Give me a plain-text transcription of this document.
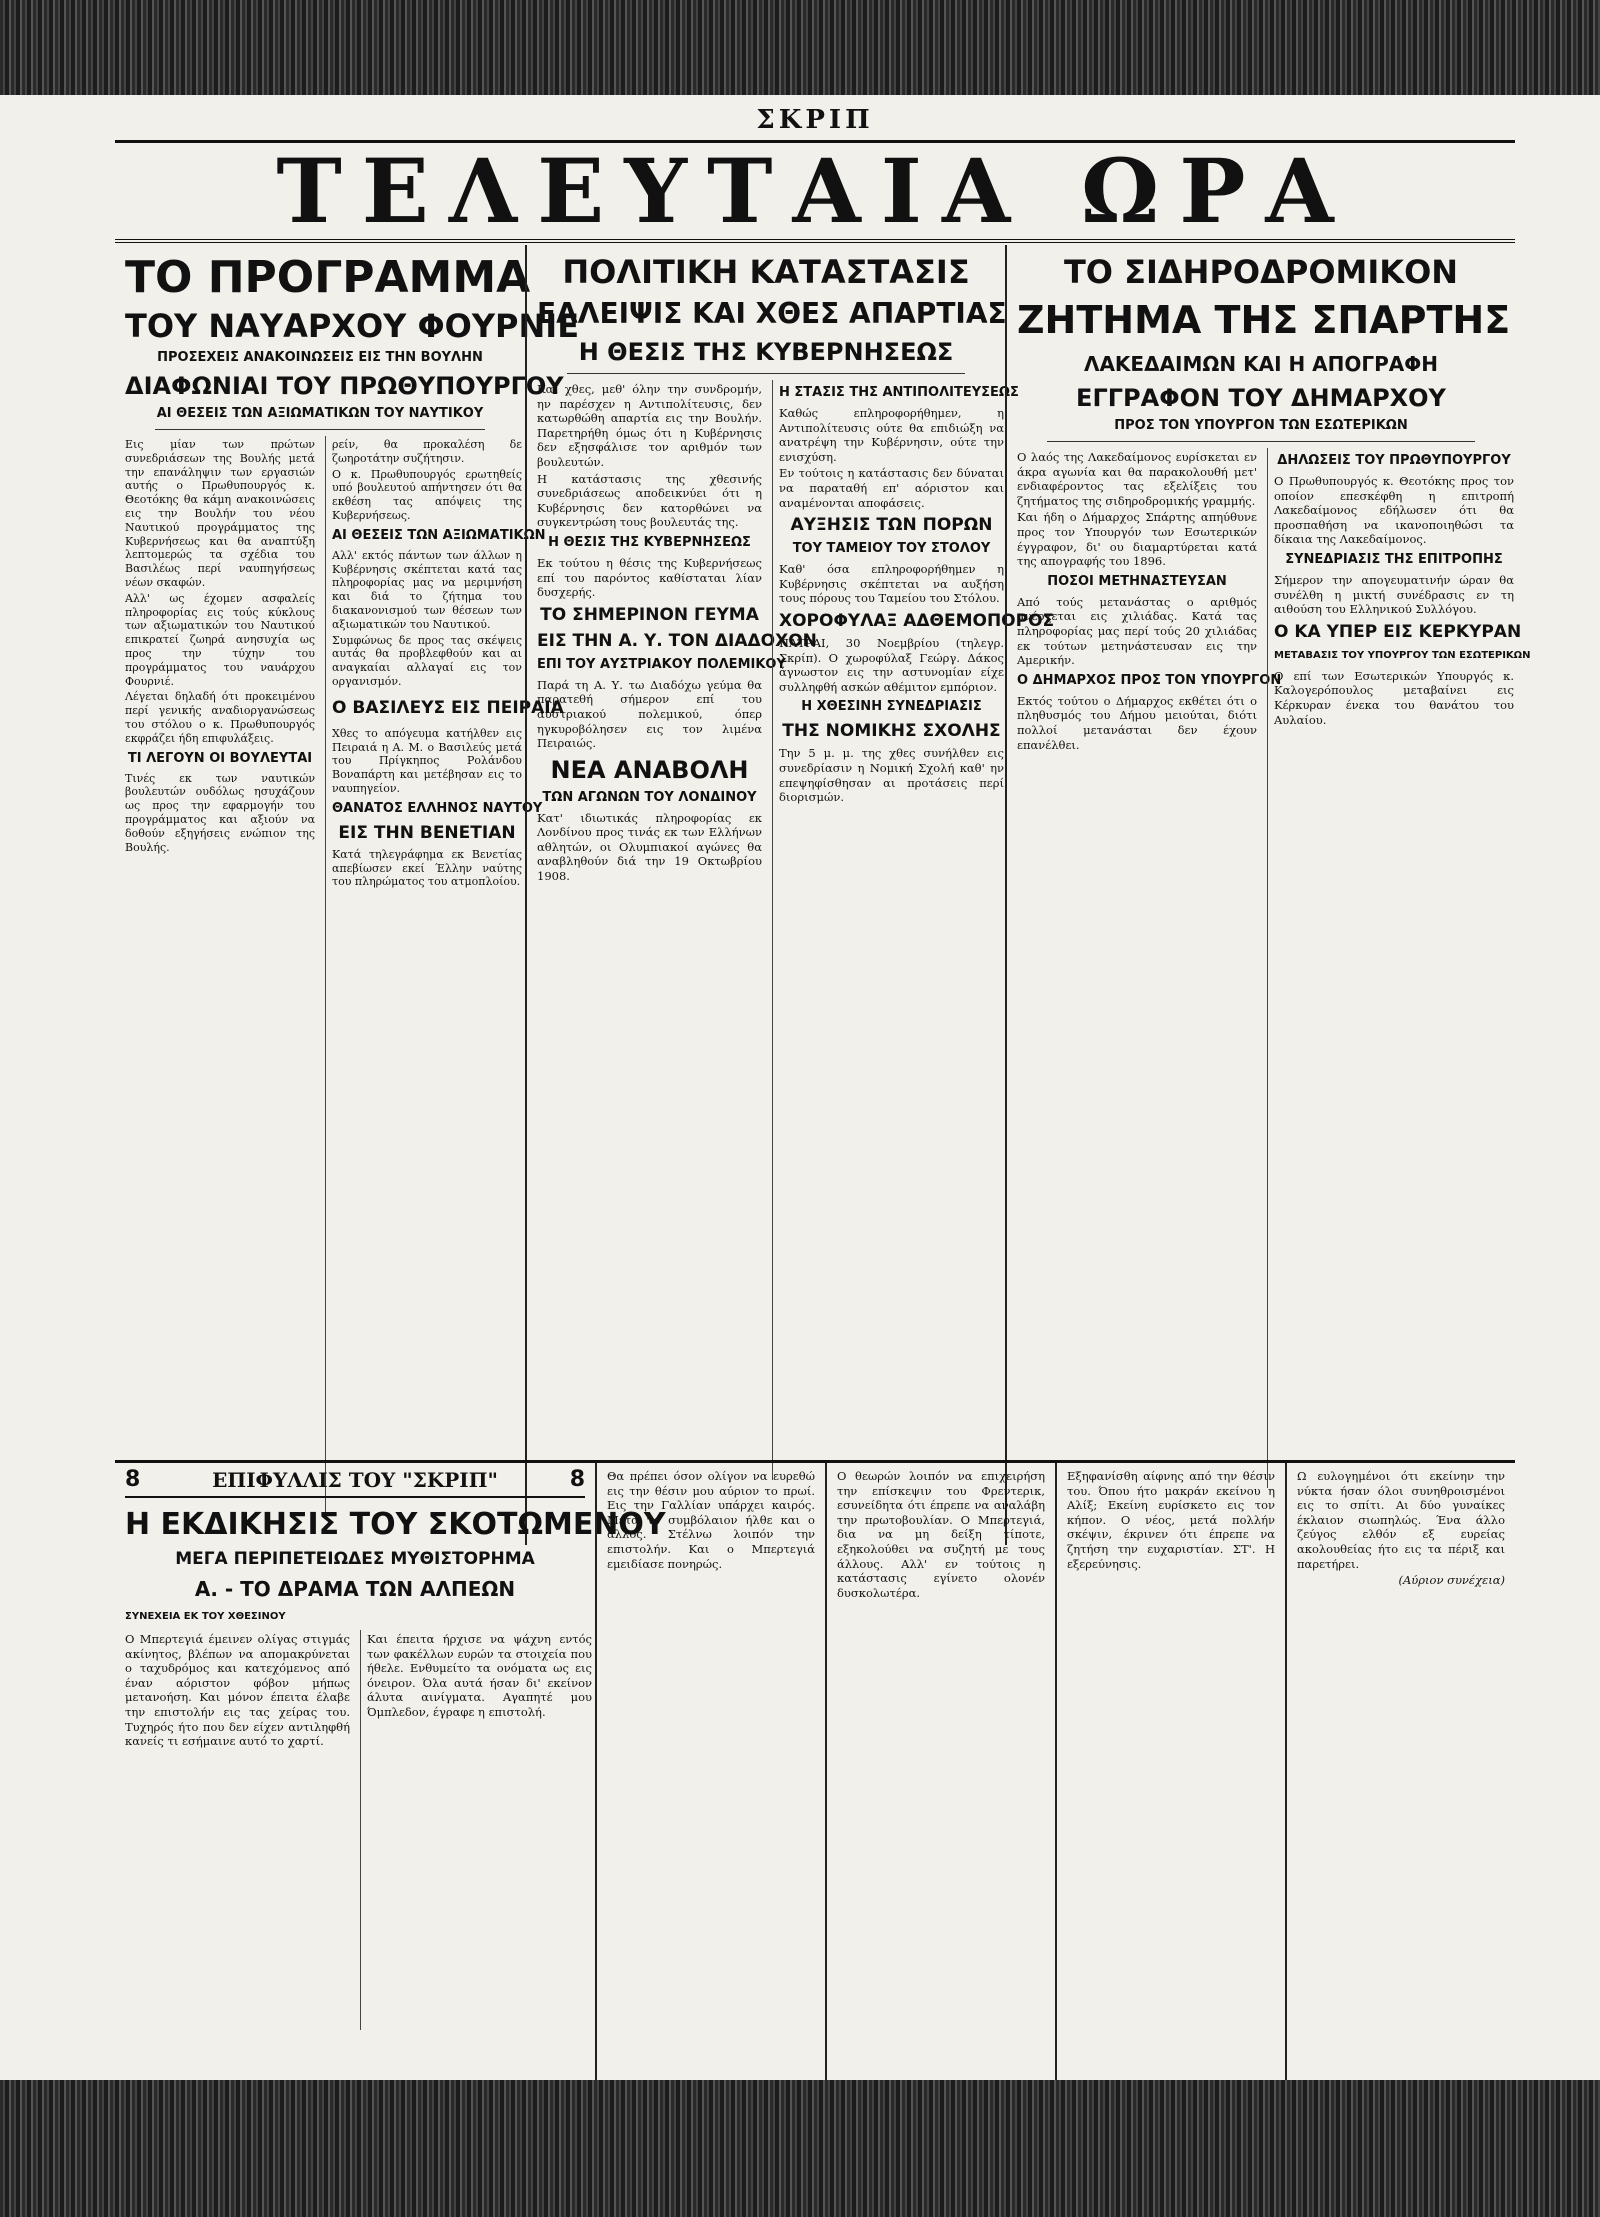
ΣΚΡΙΠ
ΤΕΛΕΥΤΑΙΑ ΩΡΑ
ΤΟ ΠΡΟΓΡΑΜΜΑ
ΤΟΥ ΝΑΥΑΡΧΟΥ ΦΟΥΡΝΙΕ
ΠΡΟΣΕΧΕΙΣ ΑΝΑΚΟΙΝΩΣΕΙΣ ΕΙΣ ΤΗΝ ΒΟΥΛΗΝ
ΔΙΑΦΩΝΙΑΙ ΤΟΥ ΠΡΩΘΥΠΟΥΡΓΟΥ
ΑΙ ΘΕΣΕΙΣ ΤΩΝ ΑΞΙΩΜΑΤΙΚΩΝ ΤΟΥ ΝΑΥΤΙΚΟΥ

Εις μίαν των πρώτων συνεδριάσεων της Βουλής μετά την επανάληψιν των εργασιών αυτής ο Πρωθυπουργός κ. Θεοτόκης θα κάμη ανακοινώσεις εις την Βουλήν του νέου Ναυτικού προγράμματος της Κυβερνήσεως και θα αναπτύξη λεπτομερώς τα σχέδια του Βασιλέως περί ναυπηγήσεως νέων σκαφών.

Αλλ' ως έχομεν ασφαλείς πληροφορίας εις τούς κύκλους των αξιωματικών του Ναυτικού επικρατεί ζωηρά ανησυχία ως προς την τύχην του προγράμματος του ναυάρχου Φουρνιέ.

Λέγεται δηλαδή ότι προκειμένου περί γενικής αναδιοργανώσεως του στόλου ο κ. Πρωθυπουργός εκφράζει ήδη επιφυλάξεις.

ΤΙ ΛΕΓΟΥΝ ΟΙ ΒΟΥΛΕΥΤΑΙ

Τινές εκ των ναυτικών βουλευτών ουδόλως ησυχάζουν ως προς την εφαρμογήν του προγράμματος και αξιούν να δοθούν εξηγήσεις ενώπιον της Βουλής.

ρείν, θα προκαλέση δε ζωηροτάτην συζήτησιν.

Ο κ. Πρωθυπουργός ερωτηθείς υπό βουλευτού απήντησεν ότι θα εκθέση τας απόψεις της Κυβερνήσεως.

ΑΙ ΘΕΣΕΙΣ ΤΩΝ ΑΞΙΩΜΑΤΙΚΩΝ

Αλλ' εκτός πάντων των άλλων η Κυβέρνησις σκέπτεται κατά τας πληροφορίας μας να μεριμνήση και διά το ζήτημα του διακανονισμού των θέσεων των αξιωματικών του Ναυτικού.

Συμφώνως δε προς τας σκέψεις αυτάς θα προβλεφθούν και αι αναγκαίαι αλλαγαί εις τον οργανισμόν.

Ο ΒΑΣΙΛΕΥΣ ΕΙΣ ΠΕΙΡΑΙΑ

Χθες το απόγευμα κατήλθεν εις Πειραιά η Α. Μ. ο Βασιλεύς μετά του Πρίγκηπος Ρολάνδου Βοναπάρτη και μετέβησαν εις το ναυπηγείον.

ΘΑΝΑΤΟΣ ΕΛΛΗΝΟΣ ΝΑΥΤΟΥ
ΕΙΣ ΤΗΝ ΒΕΝΕΤΙΑΝ

Κατά τηλεγράφημα εκ Βενετίας απεβίωσεν εκεί Έλλην ναύτης του πληρώματος του ατμοπλοίου.

ΠΟΛΙΤΙΚΗ ΚΑΤΑΣΤΑΣΙΣ
ΕΛΛΕΙΨΙΣ ΚΑΙ ΧΘΕΣ ΑΠΑΡΤΙΑΣ
Η ΘΕΣΙΣ ΤΗΣ ΚΥΒΕΡΝΗΣΕΩΣ

Και χθες, μεθ' όλην την συνδρομήν, ην παρέσχεν η Αντιπολίτευσις, δεν κατωρθώθη απαρτία εις την Βουλήν. Παρετηρήθη όμως ότι η Κυβέρνησις δεν εξησφάλισε τον αριθμόν των βουλευτών.

Η κατάστασις της χθεσινής συνεδριάσεως αποδεικνύει ότι η Κυβέρνησις δεν κατορθώνει να συγκεντρώση τους βουλευτάς της.

Η ΘΕΣΙΣ ΤΗΣ ΚΥΒΕΡΝΗΣΕΩΣ

Εκ τούτου η θέσις της Κυβερνήσεως επί του παρόντος καθίσταται λίαν δυσχερής.

ΤΟ ΣΗΜΕΡΙΝΟΝ ΓΕΥΜΑ
ΕΙΣ ΤΗΝ Α. Υ. ΤΟΝ ΔΙΑΔΟΧΟΝ
ΕΠΙ ΤΟΥ ΑΥΣΤΡΙΑΚΟΥ ΠΟΛΕΜΙΚΟΥ

Παρά τη Α. Υ. τω Διαδόχω γεύμα θα παρατεθή σήμερον επί του αυστριακού πολεμικού, όπερ ηγκυροβόλησεν εις τον λιμένα Πειραιώς.

ΝΕΑ ΑΝΑΒΟΛΗ
ΤΩΝ ΑΓΩΝΩΝ ΤΟΥ ΛΟΝΔΙΝΟΥ

Κατ' ιδιωτικάς πληροφορίας εκ Λονδίνου προς τινάς εκ των Ελλήνων αθλητών, οι Ολυμπιακοί αγώνες θα αναβληθούν διά την 19 Οκτωβρίου 1908.

Η ΣΤΑΣΙΣ ΤΗΣ ΑΝΤΙΠΟΛΙΤΕΥΣΕΩΣ

Καθώς επληροφορήθημεν, η Αντιπολίτευσις ούτε θα επιδιώξη να ανατρέψη την Κυβέρνησιν, ούτε την ενισχύση.

Εν τούτοις η κατάστασις δεν δύναται να παραταθή επ' αόριστον και αναμένονται αποφάσεις.

ΑΥΞΗΣΙΣ ΤΩΝ ΠΟΡΩΝ
ΤΟΥ ΤΑΜΕΙΟΥ ΤΟΥ ΣΤΟΛΟΥ

Καθ' όσα επληροφορήθημεν η Κυβέρνησις σκέπτεται να αυξήση τους πόρους του Ταμείου του Στόλου.

ΧΟΡΟΦΥΛΑΞ ΑΔΘΕΜΟΠΟΡΟΣ

ΠΑΤΡΑΙ, 30 Νοεμβρίου (τηλεγρ. Σκρίπ). Ο χωροφύλαξ Γεώργ. Δάκος άγνωστον εις την αστυνομίαν είχε συλληφθή ασκών αθέμιτον εμπόριον.

Η ΧΘΕΣΙΝΗ ΣΥΝΕΔΡΙΑΣΙΣ
ΤΗΣ ΝΟΜΙΚΗΣ ΣΧΟΛΗΣ

Την 5 μ. μ. της χθες συνήλθεν εις συνεδρίασιν η Νομική Σχολή καθ' ην επεψηφίσθησαν αι προτάσεις περί διορισμών.

ΤΟ ΣΙΔΗΡΟΔΡΟΜΙΚΟΝ
ΖΗΤΗΜΑ ΤΗΣ ΣΠΑΡΤΗΣ
ΛΑΚΕΔΑΙΜΩΝ ΚΑΙ Η ΑΠΟΓΡΑΦΗ
ΕΓΓΡΑΦΟΝ ΤΟΥ ΔΗΜΑΡΧΟΥ
ΠΡΟΣ ΤΟΝ ΥΠΟΥΡΓΟΝ ΤΩΝ ΕΣΩΤΕΡΙΚΩΝ

Ο λαός της Λακεδαίμονος ευρίσκεται εν άκρα αγωνία και θα παρακολουθή μετ' ενδιαφέροντος τας εξελίξεις του ζητήματος της σιδηροδρομικής γραμμής.

Και ήδη ο Δήμαρχος Σπάρτης απηύθυνε προς τον Υπουργόν των Εσωτερικών έγγραφον, δι' ου διαμαρτύρεται κατά της απογραφής του 1896.

ΠΟΣΟΙ ΜΕΤΗΝΑΣΤΕΥΣΑΝ

Από τούς μετανάστας ο αριθμός ανέρχεται εις χιλιάδας. Κατά τας πληροφορίας μας περί τούς 20 χιλιάδας εκ τούτων μετηνάστευσαν εις την Αμερικήν.

Ο ΔΗΜΑΡΧΟΣ ΠΡΟΣ ΤΟΝ ΥΠΟΥΡΓΟΝ

Εκτός τούτου ο Δήμαρχος εκθέτει ότι ο πληθυσμός του Δήμου μειούται, διότι πολλοί μετανάσται δεν έχουν επανέλθει.

ΔΗΛΩΣΕΙΣ ΤΟΥ ΠΡΩΘΥΠΟΥΡΓΟΥ

Ο Πρωθυπουργός κ. Θεοτόκης προς τον οποίον επεσκέφθη η επιτροπή Λακεδαίμονος εδήλωσεν ότι θα προσπαθήση να ικανοποιηθώσι τα δίκαια της Λακεδαίμονος.

ΣΥΝΕΔΡΙΑΣΙΣ ΤΗΣ ΕΠΙΤΡΟΠΗΣ

Σήμερον την απογευματινήν ώραν θα συνέλθη η μικτή συνέδρασις εν τη αιθούση του Ελληνικού Συλλόγου.

Ο ΚΑ ΥΠΕΡ ΕΙΣ ΚΕΡΚΥΡΑΝ
ΜΕΤΑΒΑΣΙΣ ΤΟΥ ΥΠΟΥΡΓΟΥ ΤΩΝ ΕΣΩΤΕΡΙΚΩΝ

Ο επί των Εσωτερικών Υπουργός κ. Καλογερόπουλος μεταβαίνει εις Κέρκυραν ένεκα του θανάτου του Αυλαίου.

8	ΕΠΙΦΥΛΛΙΣ ΤΟΥ "ΣΚΡΙΠ"	8
Η ΕΚΔΙΚΗΣΙΣ ΤΟΥ ΣΚΟΤΩΜΕΝΟΥ
ΜΕΓΑ ΠΕΡΙΠΕΤΕΙΩΔΕΣ ΜΥΘΙΣΤΟΡΗΜΑ
Α. - ΤΟ ΔΡΑΜΑ ΤΩΝ ΑΛΠΕΩΝ
ΣΥΝΕΧΕΙΑ ΕΚ ΤΟΥ ΧΘΕΣΙΝΟΥ

Ο Μπερτεγιά έμεινεν ολίγας στιγμάς ακίνητος, βλέπων να απομακρύνεται ο ταχυδρόμος και κατεχόμενος από έναν αόριστον φόβον μήπως μετανοήση. Και μόνον έπειτα έλαβε την επιστολήν εις τας χείρας του. Τυχηρός ήτο που δεν είχεν αντιληφθή κανείς τι εσήμαινε αυτό το χαρτί.

Και έπειτα ήρχισε να ψάχνη εντός των φακέλλων ευρών τα στοιχεία που ήθελε. Ενθυμείτο τα ονόματα ως εις όνειρον. Όλα αυτά ήσαν δι' εκείνον άλυτα αινίγματα. Αγαπητέ μου Όμπλεδον, έγραφε η επιστολή.

Θα πρέπει όσον ολίγον να ευρεθώ εις την θέσιν μου αύριον το πρωί. Εις την Γαλλίαν υπάρχει καιρός. Μετά το συμβόλαιον ήλθε και ο άλλος. Στέλνω λοιπόν την επιστολήν. Και ο Μπερτεγιά εμειδίασε πονηρώς.

Ο θεωρών λοιπόν να επιχειρήση την επίσκεψιν του Φρεντερικ, εσυνείδητα ότι έπρεπε να αναλάβη την πρωτοβουλίαν. Ο Μπερτεγιά, δια να μη δείξη τίποτε, εξηκολούθει να συζητή με τους άλλους. Αλλ' εν τούτοις η κατάστασις εγίνετο ολονέν δυσκολωτέρα.

Εξηφανίσθη αίφνης από την θέσιν του. Όπου ήτο μακράν εκείνου η Αλίξ; Εκείνη ευρίσκετο εις τον κήπον. Ο νέος, μετά πολλήν σκέψιν, έκρινεν ότι έπρεπε να ζητήση την ευχαριστίαν. ΣΤ'. Η εξερεύνησις.

Ω ευλογημένοι ότι εκείνην την νύκτα ήσαν όλοι συνηθροισμένοι εις το σπίτι. Αι δύο γυναίκες έκλαιον σιωπηλώς. Ένα άλλο ζεύγος ελθόν εξ ευρείας ακολουθείας ήτο εις τα πέριξ και παρετήρει.

(Αύριον συνέχεια)
